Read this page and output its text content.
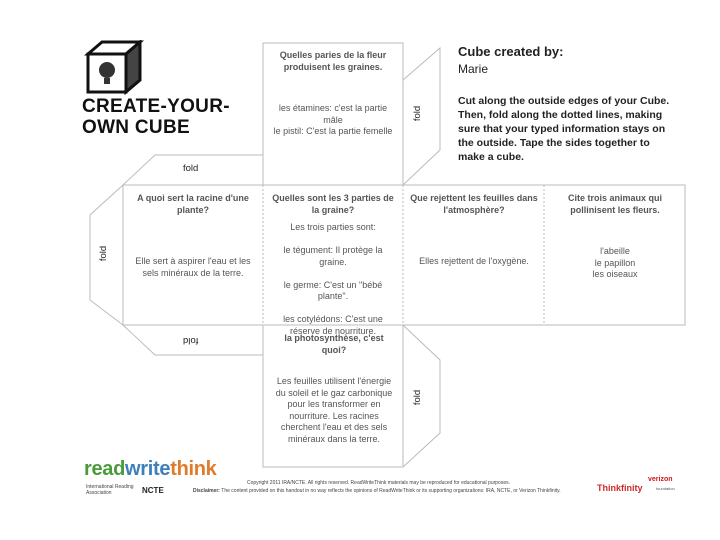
CREATE-YOUR-OWN CUBE
Cube created by:
Marie
Cut along the outside edges of your Cube. Then, fold along the dotted lines, making sure that your typed information stays on the outside. Tape the sides together to make a cube.
fold
fold
fold
fold
fold
Quelles paries de la fleur produisent les graines.
les étamines: c'est la partie mâle
le pistil: C'est la partie femelle
A quoi sert la racine d'une plante?
Elle sert à aspirer l'eau et les sels minéraux de la terre.
Quelles sont les 3 parties de la graine?
Les trois parties sont:

le tégument: Il protège la graine.

le germe: C'est un "bébé plante".

les cotylédons: C'est une réserve de nourriture.
Que rejettent les feuilles dans l'atmosphère?
Elles rejettent de l'oxygène.
Cite trois animaux qui pollinisent les fleurs.
l'abeille
le papillon
les oiseaux
la photosynthèse, c'est quoi?
Les feuilles utilisent l'énergie du soleil et le gaz carbonique pour les transformer en nourriture. Les racines cherchent l'eau et des sels minéraux dans la terre.
readwritethink
International Reading Association	NCTE
Copyright 2011 IRA/NCTE. All rights reserved. ReadWriteThink materials may be reproduced for educational purposes.
Disclaimer: The content provided on this handout in no way reflects the opinions of ReadWriteThink or its supporting organizations: IRA, NCTE, or Verizon Thinkfinity.	Thinkfinity
verizon
foundation
